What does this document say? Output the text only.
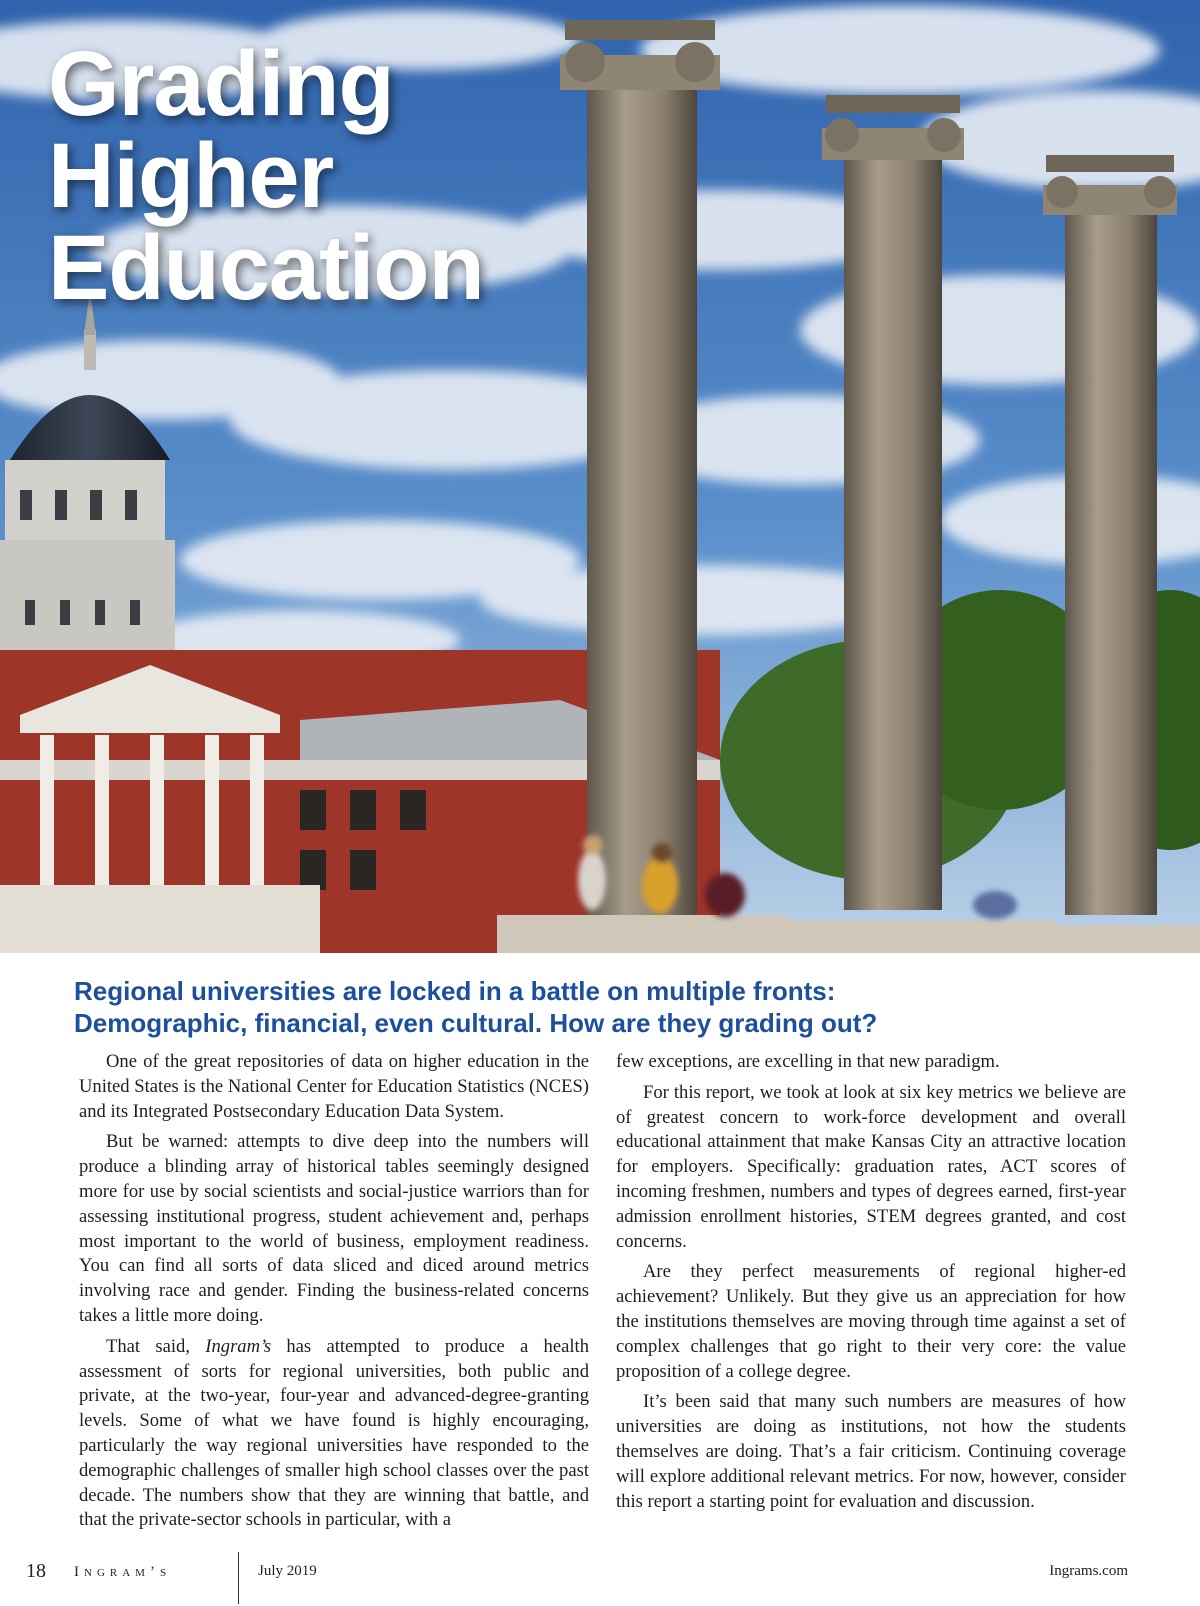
Grading
Higher
Education
Regional universities are locked in a battle on multiple fronts:
Demographic, financial, even cultural. How are they grading out?

One of the great repositories of data on higher education in the United States is the National Center for Education Statistics (NCES) and its Integrated Postsecondary Education Data System.

But be warned: attempts to dive deep into the numbers will produce a blinding array of historical tables seemingly designed more for use by social scientists and social-justice warriors than for assessing institutional progress, student achievement and, perhaps most important to the world of business, employment readiness. You can find all sorts of data sliced and diced around metrics involving race and gender. Finding the business-related concerns takes a little more doing.

That said, Ingram’s has attempted to produce a health assessment of sorts for regional universities, both public and private, at the two-year, four-year and advanced-degree-granting levels. Some of what we have found is highly encouraging, particularly the way regional universities have responded to the demographic challenges of smaller high school classes over the past decade. The numbers show that they are winning that battle, and that the private-sector schools in particular, with a

few exceptions, are excelling in that new paradigm.

For this report, we took at look at six key metrics we believe are of greatest concern to work-force development and overall educational attainment that make Kansas City an attractive location for employers. Specifically: graduation rates, ACT scores of incoming freshmen, numbers and types of degrees earned, first-year admission enrollment histories, STEM degrees granted, and cost concerns.

Are they perfect measurements of regional higher-ed achievement? Unlikely. But they give us an appreciation for how the institutions themselves are moving through time against a set of complex challenges that go right to their very core: the value proposition of a college degree.

It’s been said that many such numbers are measures of how universities are doing as institutions, not how the students themselves are doing. That’s a fair criticism. Continuing coverage will explore additional relevant metrics. For now, however, consider this report a starting point for evaluation and discussion.

18 Ingram’s	July 2019	Ingrams.com
